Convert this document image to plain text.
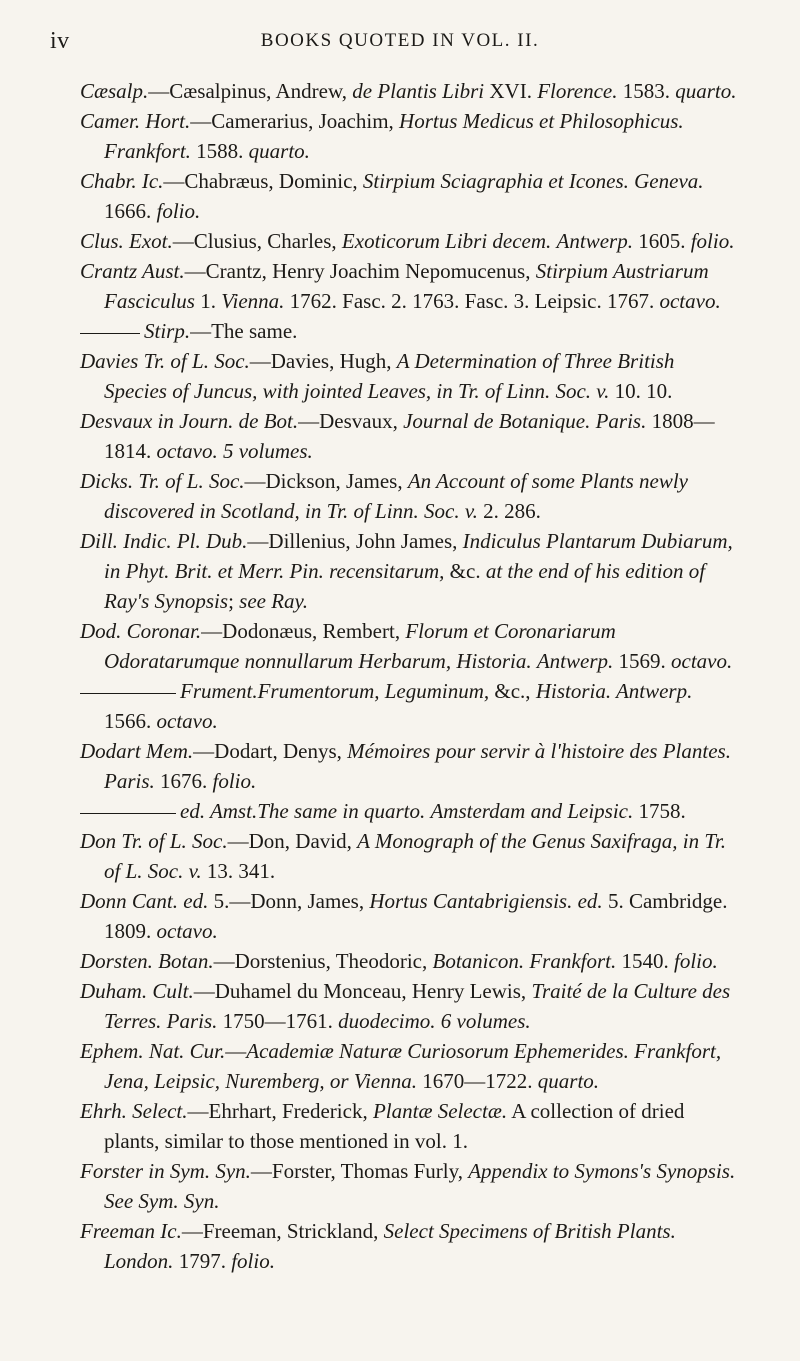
iv	BOOKS QUOTED IN VOL. II.

Cæsalp.—Cæsalpinus, Andrew, de Plantis Libri XVI. Florence. 1583. quarto.

Camer. Hort.—Camerarius, Joachim, Hortus Medicus et Philosophicus. Frankfort. 1588. quarto.

Chabr. Ic.—Chabræus, Dominic, Stirpium Sciagraphia et Icones. Geneva. 1666. folio.

Clus. Exot.—Clusius, Charles, Exoticorum Libri decem. Antwerp. 1605. folio.

Crantz Aust.—Crantz, Henry Joachim Nepomucenus, Stirpium Austriarum Fasciculus 1. Vienna. 1762. Fasc. 2. 1763. Fasc. 3. Leipsic. 1767. octavo.

Stirp.—The same.

Davies Tr. of L. Soc.—Davies, Hugh, A Determination of Three British Species of Juncus, with jointed Leaves, in Tr. of Linn. Soc. v. 10. 10.

Desvaux in Journ. de Bot.—Desvaux, Journal de Botanique. Paris. 1808—1814. octavo. 5 volumes.

Dicks. Tr. of L. Soc.—Dickson, James, An Account of some Plants newly discovered in Scotland, in Tr. of Linn. Soc. v. 2. 286.

Dill. Indic. Pl. Dub.—Dillenius, John James, Indiculus Plantarum Dubiarum, in Phyt. Brit. et Merr. Pin. recensitarum, &c. at the end of his edition of Ray's Synopsis; see Ray.

Dod. Coronar.—Dodonæus, Rembert, Florum et Coronariarum Odoratarumque nonnullarum Herbarum, Historia. Antwerp. 1569. octavo.

Frument.Frumentorum, Leguminum, &c., Historia. Antwerp. 1566. octavo.

Dodart Mem.—Dodart, Denys, Mémoires pour servir à l'histoire des Plantes. Paris. 1676. folio.

ed. Amst.The same in quarto. Amsterdam and Leipsic. 1758.

Don Tr. of L. Soc.—Don, David, A Monograph of the Genus Saxifraga, in Tr. of L. Soc. v. 13. 341.

Donn Cant. ed. 5.—Donn, James, Hortus Cantabrigiensis. ed. 5. Cambridge. 1809. octavo.

Dorsten. Botan.—Dorstenius, Theodoric, Botanicon. Frankfort. 1540. folio.

Duham. Cult.—Duhamel du Monceau, Henry Lewis, Traité de la Culture des Terres. Paris. 1750—1761. duodecimo. 6 volumes.

Ephem. Nat. Cur.—Academiæ Naturæ Curiosorum Ephemerides. Frankfort, Jena, Leipsic, Nuremberg, or Vienna. 1670—1722. quarto.

Ehrh. Select.—Ehrhart, Frederick, Plantæ Selectæ. A collection of dried plants, similar to those mentioned in vol. 1.

Forster in Sym. Syn.—Forster, Thomas Furly, Appendix to Symons's Synopsis. See Sym. Syn.

Freeman Ic.—Freeman, Strickland, Select Specimens of British Plants. London. 1797. folio.
